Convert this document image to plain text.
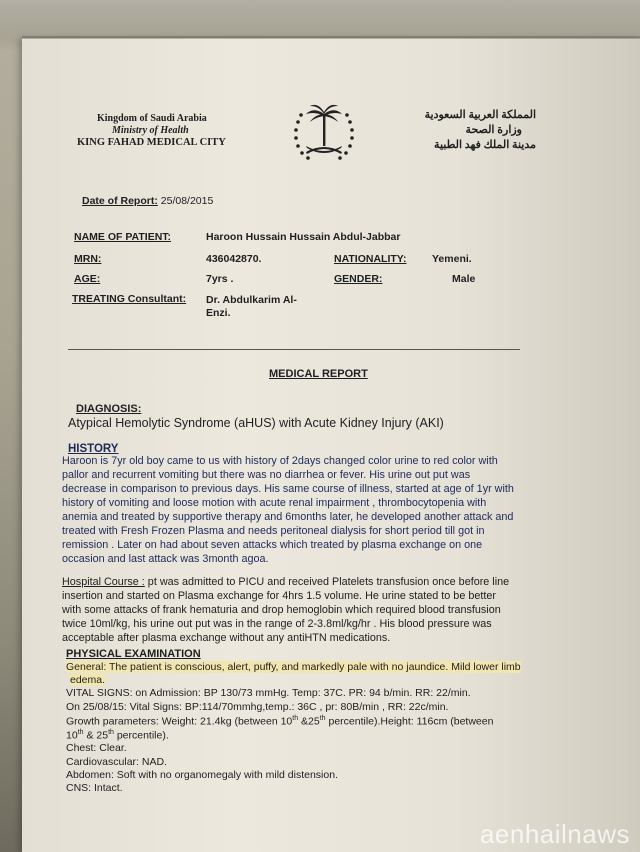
Kingdom of Saudi Arabia
Ministry of Health
KING FAHAD MEDICAL CITY
المملكة العربية السعودية
وزارة الصحة
مدينة الملك فهد الطبية
Date of Report: 25/08/2015
NAME OF PATIENT:	Haroon Hussain Hussain Abdul-Jabbar
MRN:	436042870.	NATIONALITY: Yemeni.
AGE:	7yrs .	GENDER:	Male
TREATING Consultant: Dr. Abdulkarim Al-
Enzi.
MEDICAL REPORT
DIAGNOSIS:
Atypical Hemolytic Syndrome (aHUS) with Acute Kidney Injury (AKI)
HISTORY
Haroon is 7yr old boy came to us with history of 2days changed color urine to red color with
pallor and recurrent vomiting but there was no diarrhea or fever. His urine out put was
decrease in comparison to previous days. His same course of illness, started at age of 1yr with
history of vomiting and loose motion with acute renal impairment , thrombocytopenia with
anemia and treated by supportive therapy and 6months later, he developed another attack and
treated with Fresh Frozen Plasma and needs peritoneal dialysis for short period till got in
remission . Later on had about seven attacks which treated by plasma exchange on one
occasion and last attack was 3month agoa.
Hospital Course : pt was admitted to PICU and received Platelets transfusion once before line
insertion and started on Plasma exchange for 4hrs 1.5 volume. He urine stated to be better
with some attacks of frank hematuria and drop hemoglobin which required blood transfusion
twice 10ml/kg, his urine out put was in the range of 2-3.8ml/kg/hr . His blood pressure was
acceptable after plasma exchange without any antiHTN medications.
PHYSICAL EXAMINATION
General: The patient is conscious, alert, puffy, and markedly pale with no jaundice. Mild lower limb
edema.
VITAL SIGNS: on Admission: BP 130/73 mmHg. Temp: 37C. PR: 94 b/min. RR: 22/min.
On 25/08/15: Vital Signs: BP:114/70mmhg,temp.: 36C , pr: 80B/min , RR: 22c/min.
Growth parameters: Weight: 21.4kg (between 10th &25th percentile).Height: 116cm (between
10th & 25th percentile).
Chest: Clear.
Cardiovascular: NAD.
Abdomen: Soft with no organomegaly with mild distension.
CNS: Intact.
aenhailnaws
